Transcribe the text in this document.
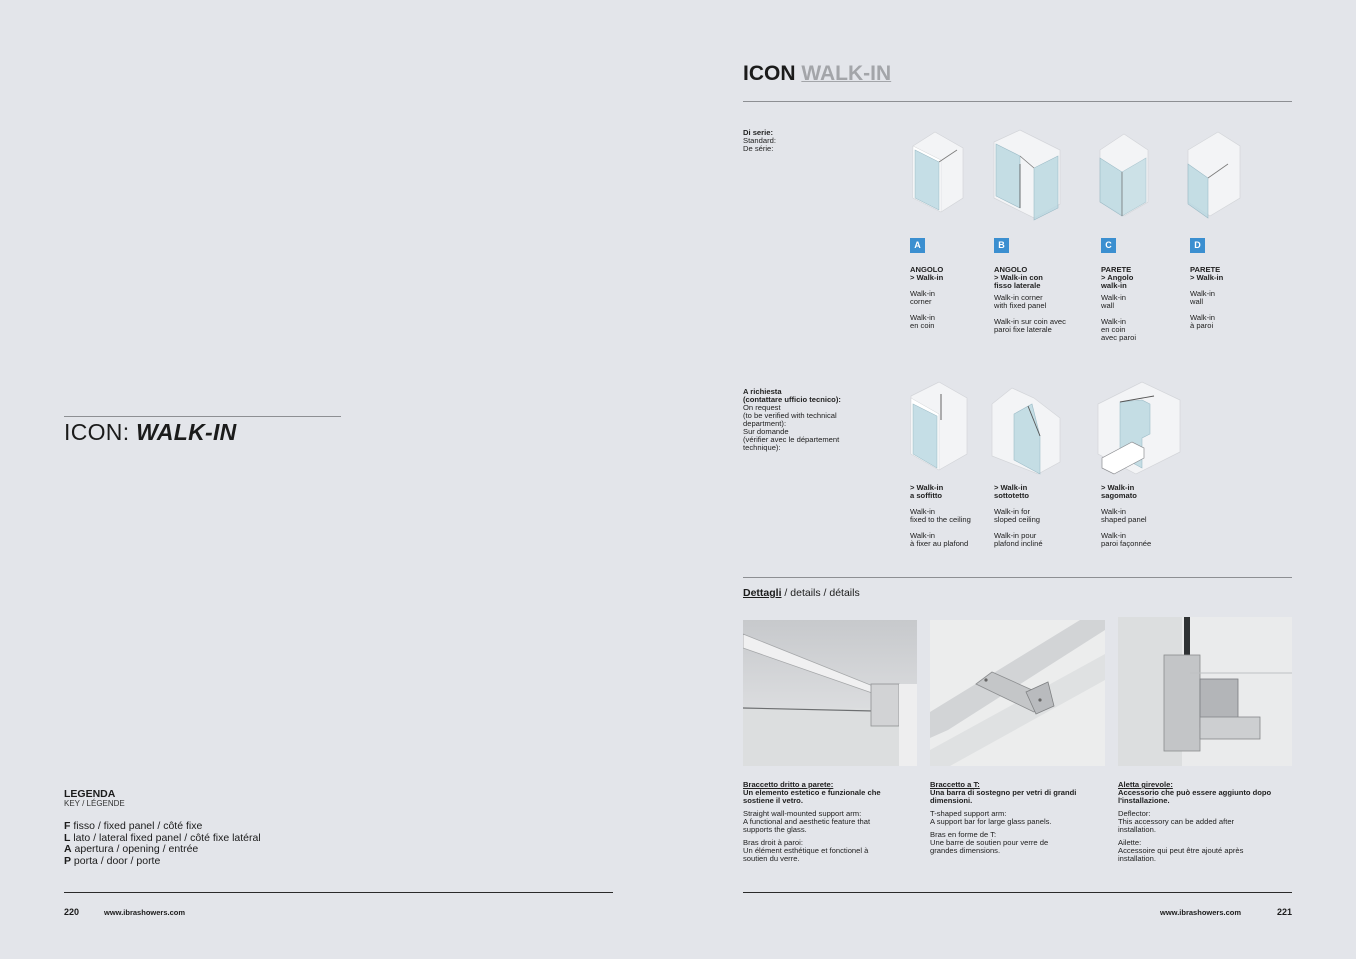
ICON: WALK-IN
LEGENDA
KEY / LÉGENDE
F fisso / fixed panel / côté fixe
L lato / lateral fixed panel / côté fixe latéral
A apertura / opening / entrée
P porta / door / porte
220	www.ibrashowers.com
ICON WALK-IN
Di serie:
Standard:
De série:
A	B	C	D
ANGOLO
> Walk-in
Walk-in
corner
Walk-in
en coin
ANGOLO
> Walk-in con
fisso laterale
Walk-in corner
with fixed panel
Walk-in sur coin avec
paroi fixe laterale
PARETE
> Angolo
walk-in
Walk-in
wall
Walk-in
en coin
avec paroi
PARETE
> Walk-in
Walk-in
wall
Walk-in
à paroi
A richiesta
(contattare ufficio tecnico):
On request
(to be verified with technical
department):
Sur domande
(vérifier avec le département
technique):
> Walk-in
a soffitto
Walk-in
fixed to the ceiling
Walk-in
à fixer au plafond
> Walk-in
sottotetto
Walk-in for
sloped ceiling
Walk-in pour
plafond incliné
> Walk-in
sagomato
Walk-in
shaped panel
Walk-in
paroi façonnée
Dettagli / details / détails
Braccetto dritto a parete:
Un elemento estetico e funzionale che
sostiene il vetro.
Straight wall-mounted support arm:
A functional and aesthetic feature that
supports the glass.
Bras droit à paroi:
Un élément esthétique et fonctionel à
soutien du verre.
Braccetto a T:
Una barra di sostegno per vetri di grandi
dimensioni.
T-shaped support arm:
A support bar for large glass panels.
Bras en forme de T:
Une barre de soutien pour verre de
grandes dimensions.
Aletta girevole:
Accessorio che può essere aggiunto dopo
l'installazione.
Deflector:
This accessory can be added after
installation.
Ailette:
Accessoire qui peut être ajouté après
installation.
www.ibrashowers.com	221
